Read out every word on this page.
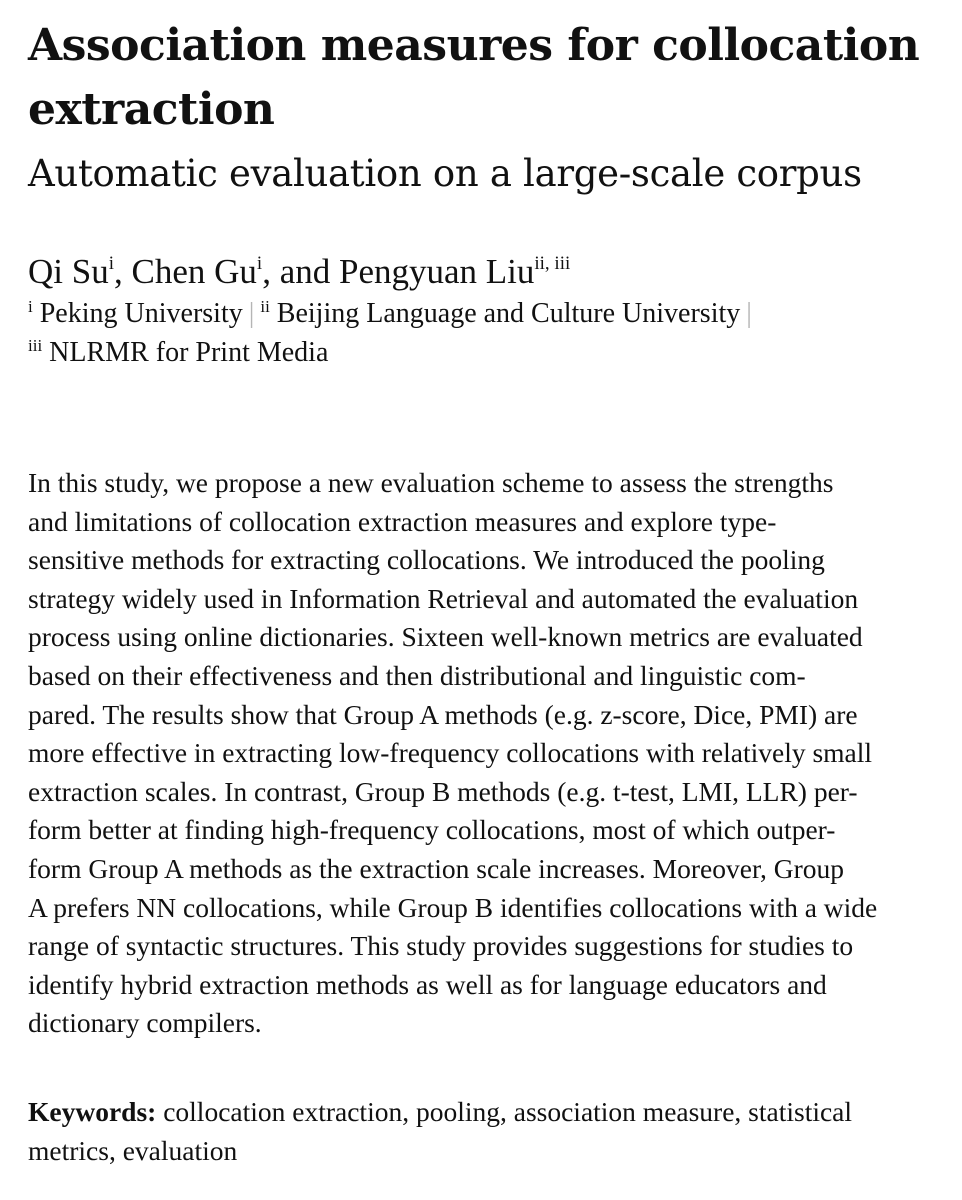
Association measures for collocation
extraction
Automatic evaluation on a large-scale corpus
Qi Su$^i$, Chen Gu$^i$, and Pengyuan Liu$^{ii, iii}$
$^i$ Peking University | $^{ii}$ Beijing Language and Culture University |
$^{iii}$ NLRMR for Print Media
In this study, we propose a new evaluation scheme to assess the strengths
and limitations of collocation extraction measures and explore type-
sensitive methods for extracting collocations. We introduced the pooling
strategy widely used in Information Retrieval and automated the evaluation
process using online dictionaries. Sixteen well-known metrics are evaluated
based on their effectiveness and then distributional and linguistic com-
pared. The results show that Group A methods (e.g. z-score, Dice, PMI) are
more effective in extracting low-frequency collocations with relatively small
extraction scales. In contrast, Group B methods (e.g. t-test, LMI, LLR) per-
form better at finding high-frequency collocations, most of which outper-
form Group A methods as the extraction scale increases. Moreover, Group
A prefers NN collocations, while Group B identifies collocations with a wide
range of syntactic structures. This study provides suggestions for studies to
identify hybrid extraction methods as well as for language educators and
dictionary compilers.
Keywords: collocation extraction, pooling, association measure, statistical
metrics, evaluation
